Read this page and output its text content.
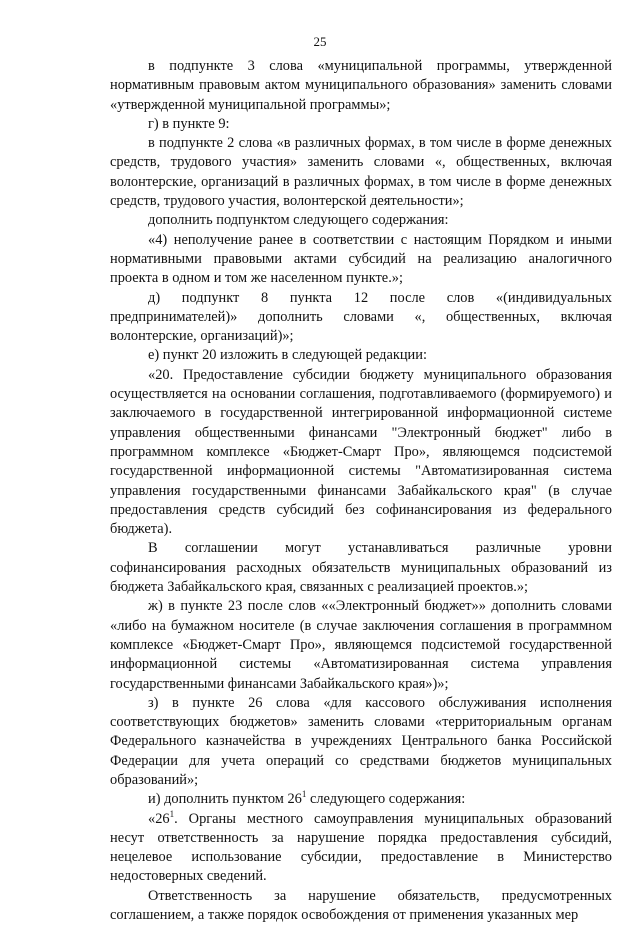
25

в подпункте 3 слова «муниципальной программы, утвержденной нормативным правовым актом муниципального образования» заменить словами «утвержденной муниципальной программы»;

г) в пункте 9:

в подпункте 2 слова «в различных формах, в том числе в форме денежных средств, трудового участия» заменить словами «, общественных, включая волонтерские, организаций в различных формах, в том числе в форме денежных средств, трудового участия, волонтерской деятельности»;

дополнить подпунктом следующего содержания:

«4) неполучение ранее в соответствии с настоящим Порядком и иными нормативными правовыми актами субсидий на реализацию аналогичного проекта в одном и том же населенном пункте.»;

д) подпункт 8 пункта 12 после слов «(индивидуальных предпринимателей)» дополнить словами «, общественных, включая волонтерские, организаций)»;

е) пункт 20 изложить в следующей редакции:

«20. Предоставление субсидии бюджету муниципального образования осуществляется на основании соглашения, подготавливаемого (формируемого) и заключаемого в государственной интегрированной информационной системе управления общественными финансами "Электронный бюджет" либо в программном комплексе «Бюджет-Смарт Про», являющемся подсистемой государственной информационной системы "Автоматизированная система управления государственными финансами Забайкальского края" (в случае предоставления средств субсидий без софинансирования из федерального бюджета).

В соглашении могут устанавливаться различные уровни софинансирования расходных обязательств муниципальных образований из бюджета Забайкальского края, связанных с реализацией проектов.»;

ж) в пункте 23 после слов ««Электронный бюджет»» дополнить словами «либо на бумажном носителе (в случае заключения соглашения в программном комплексе «Бюджет-Смарт Про», являющемся подсистемой государственной информационной системы «Автоматизированная система управления государственными финансами Забайкальского края»)»;

з) в пункте 26 слова «для кассового обслуживания исполнения соответствующих бюджетов» заменить словами «территориальным органам Федерального казначейства в учреждениях Центрального банка Российской Федерации для учета операций со средствами бюджетов муниципальных образований»;

и) дополнить пунктом $26^1$ следующего содержания:

«$26^1$. Органы местного самоуправления муниципальных образований несут ответственность за нарушение порядка предоставления субсидий, нецелевое использование субсидии, предоставление в Министерство недостоверных сведений.

Ответственность за нарушение обязательств, предусмотренных соглашением, а также порядок освобождения от применения указанных мер
